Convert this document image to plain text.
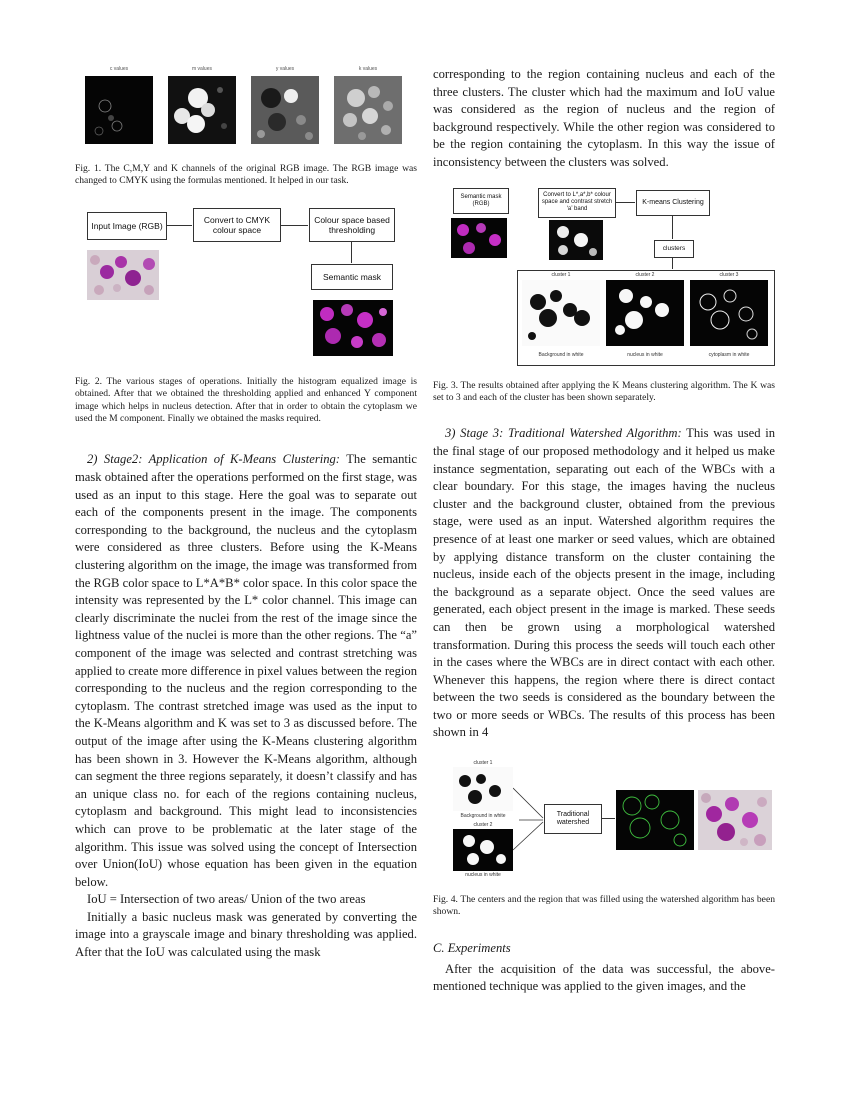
c values	m values	y values	k values

Fig. 1. The C,M,Y and K channels of the original RGB image. The RGB image was changed to CMYK using the formulas mentioned. It helped in our task.

Input Image (RGB)
Convert to CMYK colour space
Colour space based thresholding
Semantic mask

Fig. 2. The various stages of operations. Initially the histogram equalized image is obtained. After that we obtained the thresholding applied and enhanced Y component image which helps in nucleus detection. After that in order to obtain the cytoplasm we used the M component. Finally we obtained the masks required.

2) Stage2: Application of K-Means Clustering: The semantic mask obtained after the operations performed on the first stage, was used as an input to this stage. Here the goal was to separate out each of the components present in the image. The components corresponding to the background, the nucleus and the cytoplasm were considered as three clusters. Before using the K-Means clustering algorithm on the image, the image was transformed from the RGB color space to L*A*B* color space. In this color space the intensity was represented by the L* color channel. This image can clearly discriminate the nuclei from the rest of the image since the lightness value of the nuclei is more than the other regions. The “a” component of the image was selected and contrast stretching was applied to create more difference in pixel values between the region corresponding to the nucleus and the region corresponding to the cytoplasm. The contrast stretched image was used as the input to the K-Means algorithm and K was set to 3 as discussed before. The output of the image after using the K-Means clustering algorithm has been shown in 3. However the K-Means algorithm, although can segment the three regions separately, it doesn’t classify and has an unique class no. for each of the regions containing nucleus, cytoplasm and background. This might lead to inconsistencies which can prove to be problematic at the later stage of the algorithm. This issue was solved using the concept of Intersection over Union(IoU) whose equation has been given in the equation below.

IoU = Intersection of two areas/ Union of the two areas

Initially a basic nucleus mask was generated by converting the image into a grayscale image and binary thresholding was applied. After that the IoU was calculated using the mask

corresponding to the region containing nucleus and each of the three clusters. The cluster which had the maximum and IoU value was considered as the region of nucleus and the region of background respectively. While the other region was considered to be the region containing the cytoplasm. In this way the issue of inconsistency between the clusters was solved.

Semantic mask (RGB)
Convert to L*,a*,b* colour space and contrast stretch ‘a’ band
K-means Clustering
clusters
cluster 1	cluster 2	cluster 3
Background in white	nucleus in white	cytoplasm in white

Fig. 3. The results obtained after applying the K Means clustering algorithm. The K was set to 3 and each of the cluster has been shown separately.

3) Stage 3: Traditional Watershed Algorithm: This was used in the final stage of our proposed methodology and it helped us make instance segmentation, separating out each of the WBCs with a clear boundary. For this stage, the images having the nucleus cluster and the background cluster, obtained from the previous stage, were used as an input. Watershed algorithm requires the presence of at least one marker or seed values, which are obtained by applying distance transform on the cluster containing the nucleus, inside each of the objects present in the image, including the background as a separate object. Once the seed values are generated, each object present in the image is marked. These seeds can then be grown using a morphological watershed transformation. During this process the seeds will touch each other in the cases where the WBCs are in direct contact with each other. Whenever this happens, the region where there is direct contact between the two seeds is considered as the boundary between the two or more seeds or WBCs. The results of this process has been shown in 4

cluster 1
Background in white
cluster 2
nucleus in white
Traditional watershed

Fig. 4. The centers and the region that was filled using the watershed algorithm has been shown.

C. Experiments

After the acquisition of the data was successful, the above-mentioned technique was applied to the given images, and the
